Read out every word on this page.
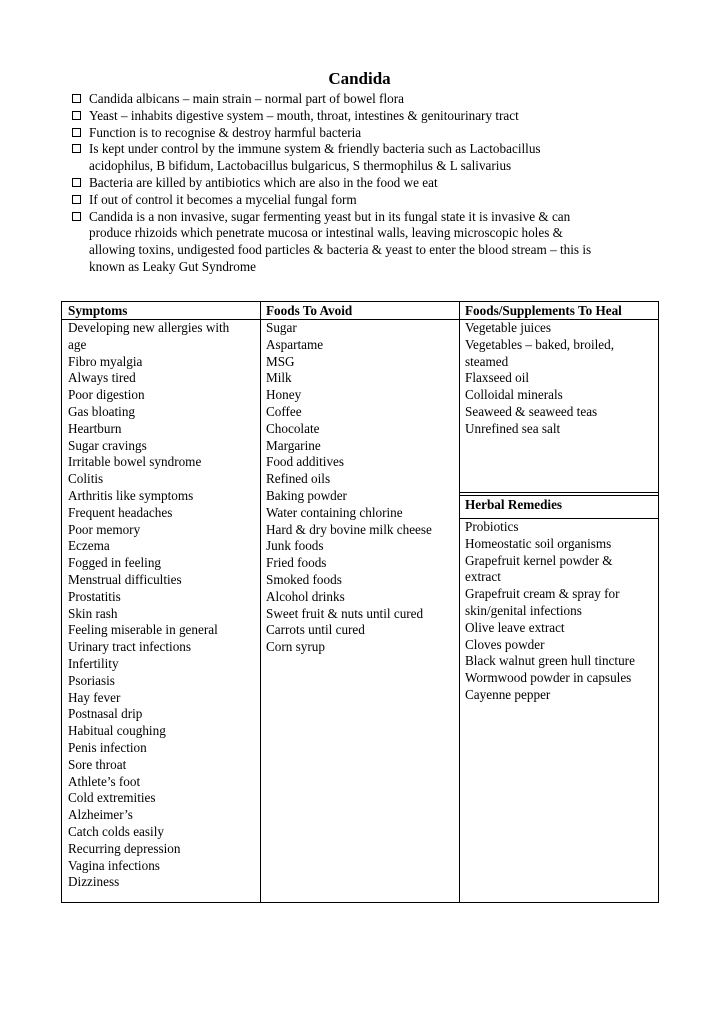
Candida
Candida albicans – main strain – normal part of bowel flora
Yeast – inhabits digestive system – mouth, throat, intestines & genitourinary tract
Function is to recognise & destroy harmful bacteria
Is kept under control by the immune system & friendly bacteria such as Lactobacillus
acidophilus, B bifidum, Lactobacillus bulgaricus, S thermophilus & L salivarius
Bacteria are killed by antibiotics which are also in the food we eat
If out of control it becomes a mycelial fungal form
Candida is a non invasive, sugar fermenting yeast but in its fungal state it is invasive & can
produce rhizoids which penetrate mucosa or intestinal walls, leaving microscopic holes &
allowing toxins, undigested food particles & bacteria & yeast to enter the blood stream – this is
known as Leaky Gut Syndrome
Symptoms
Developing new allergies with
age
Fibro myalgia
Always tired
Poor digestion
Gas bloating
Heartburn
Sugar cravings
Irritable bowel syndrome
Colitis
Arthritis like symptoms
Frequent headaches
Poor memory
Eczema
Fogged in feeling
Menstrual difficulties
Prostatitis
Skin rash
Feeling miserable in general
Urinary tract infections
Infertility
Psoriasis
Hay fever
Postnasal drip
Habitual coughing
Penis infection
Sore throat
Athlete’s foot
Cold extremities
Alzheimer’s
Catch colds easily
Recurring depression
Vagina infections
Dizziness
Foods To Avoid
Sugar
Aspartame
MSG
Milk
Honey
Coffee
Chocolate
Margarine
Food additives
Refined oils
Baking powder
Water containing chlorine
Hard & dry bovine milk cheese
Junk foods
Fried foods
Smoked foods
Alcohol drinks
Sweet fruit & nuts until cured
Carrots until cured
Corn syrup
Foods/Supplements To Heal
Vegetable juices
Vegetables – baked, broiled,
steamed
Flaxseed oil
Colloidal minerals
Seaweed & seaweed teas
Unrefined sea salt
Herbal Remedies
Probiotics
Homeostatic soil organisms
Grapefruit kernel powder &
extract
Grapefruit cream & spray for
skin/genital infections
Olive leave extract
Cloves powder
Black walnut green hull tincture
Wormwood powder in capsules
Cayenne pepper
